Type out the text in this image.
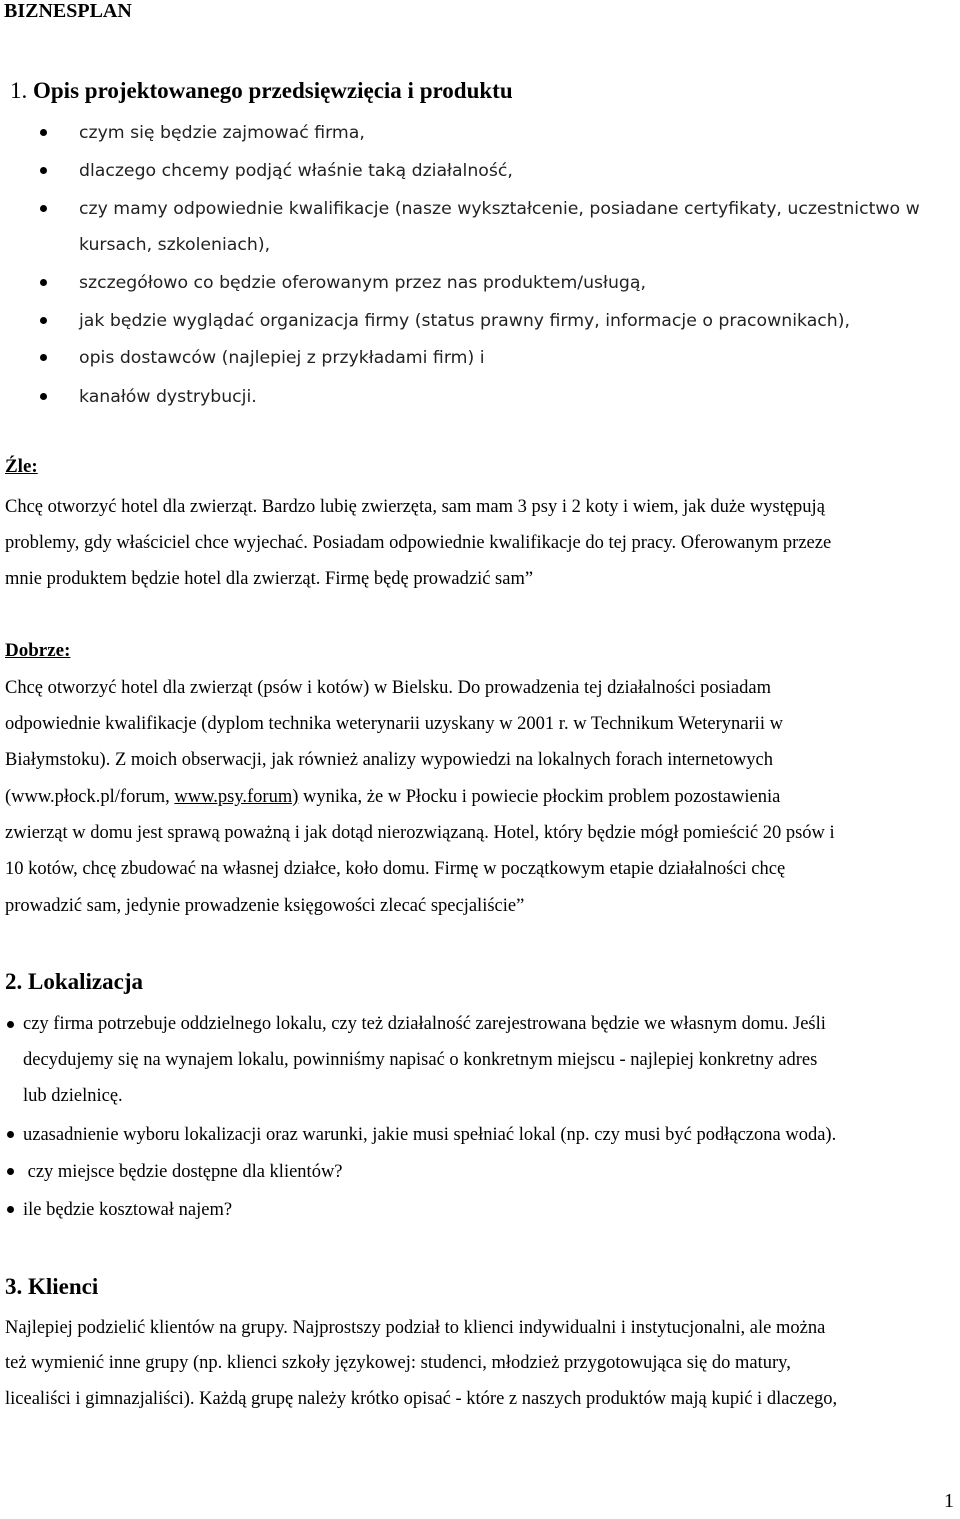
BIZNESPLAN
1. Opis projektowanego przedsięwzięcia i produktu
czym się będzie zajmować firma,
dlaczego chcemy podjąć właśnie taką działalność,
czy mamy odpowiednie kwalifikacje (nasze wykształcenie, posiadane certyfikaty, uczestnictwo w
kursach, szkoleniach),
szczegółowo co będzie oferowanym przez nas produktem/usługą,
jak będzie wyglądać organizacja firmy (status prawny firmy, informacje o pracownikach),
opis dostawców (najlepiej z przykładami firm) i
kanałów dystrybucji.
Źle:
Chcę otworzyć hotel dla zwierząt. Bardzo lubię zwierzęta, sam mam 3 psy i 2 koty i wiem, jak duże występują
problemy, gdy właściciel chce wyjechać. Posiadam odpowiednie kwalifikacje do tej pracy. Oferowanym przeze
mnie produktem będzie hotel dla zwierząt. Firmę będę prowadzić sam”
Dobrze:
Chcę otworzyć hotel dla zwierząt (psów i kotów) w Bielsku. Do prowadzenia tej działalności posiadam
odpowiednie kwalifikacje (dyplom technika weterynarii uzyskany w 2001 r. w Technikum Weterynarii w
Białymstoku). Z moich obserwacji, jak również analizy wypowiedzi na lokalnych forach internetowych
(www.płock.pl/forum, www.psy.forum) wynika, że w Płocku i powiecie płockim problem pozostawienia
zwierząt w domu jest sprawą poważną i jak dotąd nierozwiązaną. Hotel, który będzie mógł pomieścić 20 psów i
10 kotów, chcę zbudować na własnej działce, koło domu. Firmę w początkowym etapie działalności chcę
prowadzić sam, jedynie prowadzenie księgowości zlecać specjaliście”
2. Lokalizacja
czy firma potrzebuje oddzielnego lokalu, czy też działalność zarejestrowana będzie we własnym domu. Jeśli
decydujemy się na wynajem lokalu, powinniśmy napisać o konkretnym miejscu - najlepiej konkretny adres
lub dzielnicę.
uzasadnienie wyboru lokalizacji oraz warunki, jakie musi spełniać lokal (np. czy musi być podłączona woda).
czy miejsce będzie dostępne dla klientów?
ile będzie kosztował najem?
3. Klienci
Najlepiej podzielić klientów na grupy. Najprostszy podział to klienci indywidualni i instytucjonalni, ale można
też wymienić inne grupy (np. klienci szkoły językowej: studenci, młodzież przygotowująca się do matury,
licealiści i gimnazjaliści). Każdą grupę należy krótko opisać - które z naszych produktów mają kupić i dlaczego,
1
